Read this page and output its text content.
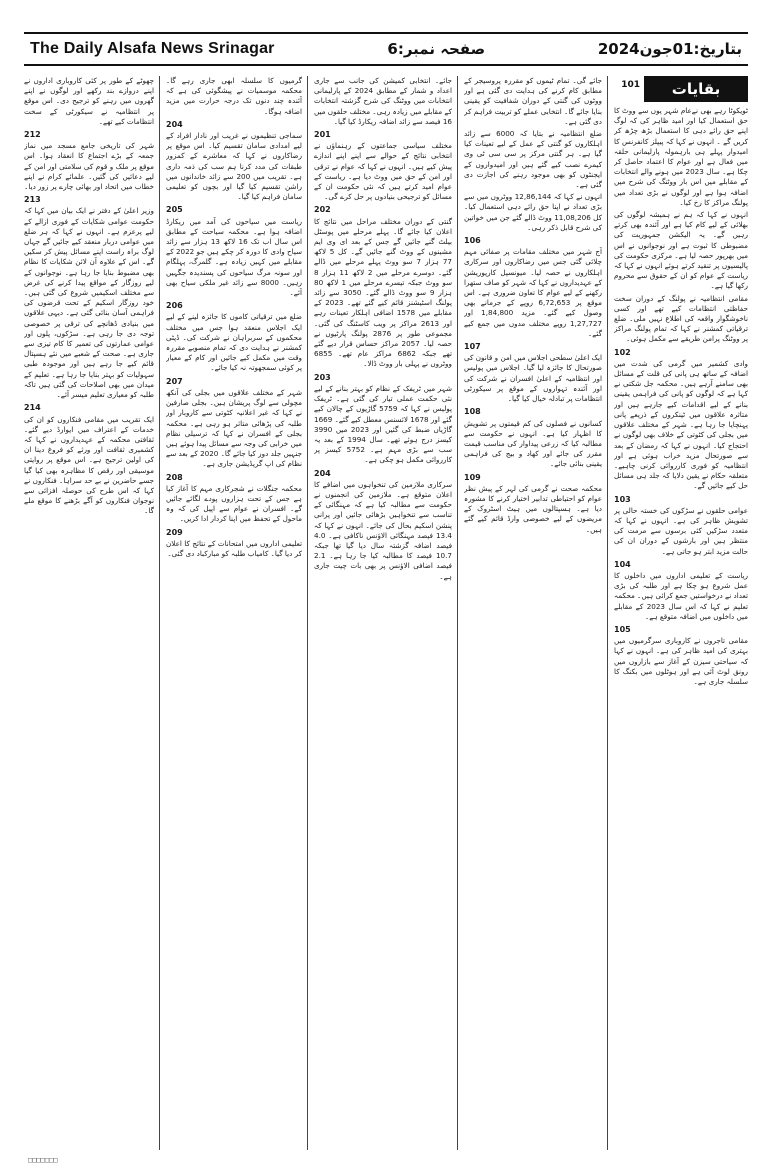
The Daily Alsafa News Srinagar	صفحہ نمبر:6	بتاریخ:01جون2024
بقایات
101

ٹویکوٹا رہے بھی نےعام شہر یوں سے ووٹ کا حق استعمال کیا اور امید ظاہر کی کہ لوگ اپنے حق رائے دہی کا استعمال بڑھ چڑھ کر کریں گے ۔ انہوں نے کہا کہ پیپلز کانفرنس کا امیدوار پہلے ہی بارہمولہ پارلیمانی حلقہ میں فعال ہے اور عوام کا اعتماد حاصل کر چکا ہے۔ سال 2023 میں ہونے والے انتخابات کے مقابلے میں اس بار ووٹنگ کی شرح میں اضافہ ہوا ہے اور لوگوں نے بڑی تعداد میں پولنگ مراکز کا رخ کیا۔

انہوں نے کہا کہ ہم نے ہمیشہ لوگوں کی بھلائی کے لیے کام کیا ہے اور آئندہ بھی کرتے رہیں گے۔ یہ الیکشن جمہوریت کی مضبوطی کا ثبوت ہے اور نوجوانوں نے اس میں بھرپور حصہ لیا ہے۔ مرکزی حکومت کی پالیسیوں پر تنقید کرتے ہوئے انہوں نے کہا کہ ریاست کے عوام کو ان کے حقوق سے محروم رکھا گیا ہے۔

مقامی انتظامیہ نے پولنگ کے دوران سخت حفاظتی انتظامات کیے تھے اور کسی ناخوشگوار واقعہ کی اطلاع نہیں ملی۔ ضلع ترقیاتی کمشنر نے کہا کہ تمام پولنگ مراکز پر ووٹنگ پرامن طریقے سے مکمل ہوئی۔

102

وادی کشمیر میں گرمی کی شدت میں اضافہ کے ساتھ ہی پانی کی قلت کے مسائل بھی سامنے آرہے ہیں۔ محکمہ جل شکتی نے کہا ہے کہ لوگوں کو پانی کی فراہمی یقینی بنانے کے لیے اقدامات کیے جارہے ہیں اور متاثرہ علاقوں میں ٹینکروں کے ذریعے پانی پہنچایا جا رہا ہے۔ شہر کے مختلف علاقوں میں بجلی کی کٹوتی کے خلاف بھی لوگوں نے احتجاج کیا۔ انہوں نے کہا کہ رمضان کے بعد سے صورتحال مزید خراب ہوئی ہے اور انتظامیہ کو فوری کارروائی کرنی چاہیے۔ متعلقہ حکام نے یقین دلایا کہ جلد ہی مسائل حل کیے جائیں گے۔

103

عوامی حلقوں نے سڑکوں کی خستہ حالی پر تشویش ظاہر کی ہے۔ انہوں نے کہا کہ متعدد سڑکیں کئی برسوں سے مرمت کی منتظر ہیں اور بارشوں کے دوران ان کی حالت مزید ابتر ہو جاتی ہے۔

104

ریاست کے تعلیمی اداروں میں داخلوں کا عمل شروع ہو چکا ہے اور طلبہ کی بڑی تعداد نے درخواستیں جمع کرائی ہیں۔ محکمہ تعلیم نے کہا کہ اس سال 2023 کے مقابلے میں داخلوں میں اضافہ متوقع ہے۔

105

مقامی تاجروں نے کاروباری سرگرمیوں میں بہتری کی امید ظاہر کی ہے۔ انہوں نے کہا کہ سیاحتی سیزن کے آغاز سے بازاروں میں رونق لوٹ آئی ہے اور ہوٹلوں میں بکنگ کا سلسلہ جاری ہے۔

جائے گی۔ تمام ٹیموں کو مقررہ پروسیجر کے مطابق کام کرنے کی ہدایت دی گئی ہے اور ووٹوں کی گنتی کے دوران شفافیت کو یقینی بنایا جائے گا۔ انتخابی عملے کو تربیت فراہم کر دی گئی ہے۔

ضلع انتظامیہ نے بتایا کہ 6000 سے زائد اہلکاروں کو گنتی کے عمل کے لیے تعینات کیا گیا ہے۔ ہر گنتی مرکز پر سی سی ٹی وی کیمرے نصب کیے گئے ہیں اور امیدواروں کے ایجنٹوں کو بھی موجود رہنے کی اجازت دی گئی ہے۔

انہوں نے کہا کہ 12,86,144 ووٹروں میں سے بڑی تعداد نے اپنا حق رائے دہی استعمال کیا۔ کل 11,08,206 ووٹ ڈالے گئے جن میں خواتین کی شرح قابل ذکر رہی۔

106

آج شہر میں مختلف مقامات پر صفائی مہم چلائی گئی جس میں رضاکاروں اور سرکاری اہلکاروں نے حصہ لیا۔ میونسپل کارپوریشن کے عہدیداروں نے کہا کہ شہر کو صاف ستھرا رکھنے کے لیے عوام کا تعاون ضروری ہے۔ اس موقع پر 6,72,653 روپے کے جرمانے بھی وصول کیے گئے۔ مزید 1,84,800 اور 1,27,727 روپے مختلف مدوں میں جمع کیے گئے۔

107

ایک اعلیٰ سطحی اجلاس میں امن و قانون کی صورتحال کا جائزہ لیا گیا۔ اجلاس میں پولیس اور انتظامیہ کے اعلیٰ افسران نے شرکت کی اور آئندہ تہواروں کے موقع پر سیکورٹی انتظامات پر تبادلہ خیال کیا گیا۔

108

کسانوں نے فصلوں کی کم قیمتوں پر تشویش کا اظہار کیا ہے۔ انہوں نے حکومت سے مطالبہ کیا کہ زرعی پیداوار کی مناسب قیمت مقرر کی جائے اور کھاد و بیج کی فراہمی یقینی بنائی جائے۔

109

محکمہ صحت نے گرمی کی لہر کے پیش نظر عوام کو احتیاطی تدابیر اختیار کرنے کا مشورہ دیا ہے۔ ہسپتالوں میں ہیٹ اسٹروک کے مریضوں کے لیے خصوصی وارڈ قائم کیے گئے ہیں۔

جائے۔ انتخابی کمیشن کی جانب سے جاری اعداد و شمار کے مطابق 2024 کے پارلیمانی انتخابات میں ووٹنگ کی شرح گزشتہ انتخابات کے مقابلے میں زیادہ رہی۔ مختلف حلقوں میں 16 فیصد سے زائد اضافہ ریکارڈ کیا گیا۔

201

مختلف سیاسی جماعتوں کے رہنماؤں نے انتخابی نتائج کے حوالے سے اپنے اپنے اندازے پیش کیے ہیں۔ انہوں نے کہا کہ عوام نے ترقی اور امن کے حق میں ووٹ دیا ہے۔ ریاست کے عوام امید کرتے ہیں کہ نئی حکومت ان کے مسائل کو ترجیحی بنیادوں پر حل کرے گی۔

202

گنتی کے دوران مختلف مراحل میں نتائج کا اعلان کیا جائے گا۔ پہلے مرحلے میں پوسٹل بیلٹ گنے جائیں گے جس کے بعد ای وی ایم مشینوں کے ووٹ گنے جائیں گے۔ کل 5 لاکھ 77 ہزار 7 سو ووٹ پہلے مرحلے میں ڈالے گئے۔ دوسرے مرحلے میں 2 لاکھ 11 ہزار 8 سو ووٹ جبکہ تیسرے مرحلے میں 1 لاکھ 80 ہزار 9 سو ووٹ ڈالے گئے۔ 3050 سے زائد پولنگ اسٹیشنز قائم کیے گئے تھے۔ 2023 کے مقابلے میں 1578 اضافی اہلکار تعینات رہے اور 2613 مراکز پر ویب کاسٹنگ کی گئی۔ مجموعی طور پر 2876 پولنگ پارٹیوں نے حصہ لیا۔ 2057 مراکز حساس قرار دیے گئے تھے جبکہ 6862 مراکز عام تھے۔ 6855 ووٹروں نے پہلی بار ووٹ ڈالا۔

203

شہر میں ٹریفک کے نظام کو بہتر بنانے کے لیے نئی حکمت عملی تیار کی گئی ہے۔ ٹریفک پولیس نے کہا کہ 5759 گاڑیوں کے چالان کیے گئے اور 1678 لائسنس معطل کیے گئے۔ 1669 گاڑیاں ضبط کی گئیں اور 2023 میں 3990 کیسز درج ہوئے تھے۔ سال 1994 کے بعد یہ سب سے بڑی مہم ہے۔ 5752 کیسز پر کارروائی مکمل ہو چکی ہے۔

204

سرکاری ملازمین کی تنخواہوں میں اضافے کا اعلان متوقع ہے۔ ملازمین کی انجمنوں نے حکومت سے مطالبہ کیا ہے کہ مہنگائی کے تناسب سے تنخواہیں بڑھائی جائیں اور پرانی پنشن اسکیم بحال کی جائے۔ انہوں نے کہا کہ 13.4 فیصد مہنگائی الاؤنس ناکافی ہے۔ 4.0 فیصد اضافہ گزشتہ سال دیا گیا تھا جبکہ 10.7 فیصد کا مطالبہ کیا جا رہا ہے۔ 2.1 فیصد اضافی الاؤنس پر بھی بات چیت جاری ہے۔

گرمیوں کا سلسلہ ابھی جاری رہے گا۔ محکمہ موسمیات نے پیشگوئی کی ہے کہ آئندہ چند دنوں تک درجہ حرارت میں مزید اضافہ ہوگا۔

204

سماجی تنظیموں نے غریب اور نادار افراد کے لیے امدادی سامان تقسیم کیا۔ اس موقع پر رضاکاروں نے کہا کہ معاشرے کے کمزور طبقات کی مدد کرنا ہم سب کی ذمہ داری ہے۔ تقریب میں 200 سے زائد خاندانوں میں راشن تقسیم کیا گیا اور بچوں کو تعلیمی سامان فراہم کیا گیا۔

205

ریاست میں سیاحوں کی آمد میں ریکارڈ اضافہ ہوا ہے۔ محکمہ سیاحت کے مطابق اس سال اب تک 16 لاکھ 13 ہزار سے زائد سیاح وادی کا دورہ کر چکے ہیں جو 2022 کے مقابلے میں کہیں زیادہ ہے۔ گلمرگ، پہلگام اور سونہ مرگ سیاحوں کی پسندیدہ جگہیں رہیں۔ 8000 سے زائد غیر ملکی سیاح بھی آئے۔

206

ضلع میں ترقیاتی کاموں کا جائزہ لینے کے لیے ایک اجلاس منعقد ہوا جس میں مختلف محکموں کے سربراہان نے شرکت کی۔ ڈپٹی کمشنر نے ہدایت دی کہ تمام منصوبے مقررہ وقت میں مکمل کیے جائیں اور کام کے معیار پر کوئی سمجھوتہ نہ کیا جائے۔

207

شہر کے مختلف علاقوں میں بجلی کی آنکھ مچولی سے لوگ پریشان ہیں۔ بجلی صارفین نے کہا کہ غیر اعلانیہ کٹوتی سے کاروبار اور طلبہ کی پڑھائی متاثر ہو رہی ہے۔ محکمہ بجلی کے افسران نے کہا کہ ترسیلی نظام میں خرابی کی وجہ سے مسائل پیدا ہوئے ہیں جنہیں جلد دور کیا جائے گا۔ 2020 کے بعد سے نظام کی اپ گریڈیشن جاری ہے۔

208

محکمہ جنگلات نے شجرکاری مہم کا آغاز کیا ہے جس کے تحت ہزاروں پودے لگائے جائیں گے۔ افسران نے عوام سے اپیل کی کہ وہ ماحول کے تحفظ میں اپنا کردار ادا کریں۔

209

تعلیمی اداروں میں امتحانات کے نتائج کا اعلان کر دیا گیا۔ کامیاب طلبہ کو مبارکباد دی گئی۔

چھوٹے کے طور پر کئی کاروباری اداروں نے اپنے دروازے بند رکھے اور لوگوں نے اپنے گھروں میں رہنے کو ترجیح دی۔ اس موقع پر انتظامیہ نے سیکورٹی کے سخت انتظامات کیے تھے۔

212

شہر کی تاریخی جامع مسجد میں نماز جمعہ کے بڑے اجتماع کا انعقاد ہوا۔ اس موقع پر ملک و قوم کی سلامتی اور امن کے لیے دعائیں کی گئیں۔ علمائے کرام نے اپنے خطاب میں اتحاد اور بھائی چارے پر زور دیا۔

213

وزیر اعلیٰ کے دفتر نے ایک بیان میں کہا کہ حکومت عوامی شکایات کے فوری ازالے کے لیے پرعزم ہے۔ انہوں نے کہا کہ ہر ضلع میں عوامی دربار منعقد کیے جائیں گے جہاں لوگ براہ راست اپنے مسائل پیش کر سکیں گے۔ اس کے علاوہ آن لائن شکایات کا نظام بھی مضبوط بنایا جا رہا ہے۔ نوجوانوں کے لیے روزگار کے مواقع پیدا کرنے کی غرض سے مختلف اسکیمیں شروع کی گئی ہیں۔ خود روزگار اسکیم کے تحت قرضوں کی فراہمی آسان بنائی گئی ہے۔ دیہی علاقوں میں بنیادی ڈھانچے کی ترقی پر خصوصی توجہ دی جا رہی ہے۔ سڑکوں، پلوں اور عوامی عمارتوں کی تعمیر کا کام تیزی سے جاری ہے۔ صحت کے شعبے میں نئے ہسپتال قائم کیے جا رہے ہیں اور موجودہ طبی سہولیات کو بہتر بنایا جا رہا ہے۔ تعلیم کے میدان میں بھی اصلاحات کی گئی ہیں تاکہ طلبہ کو معیاری تعلیم میسر آئے۔

214

ایک تقریب میں مقامی فنکاروں کو ان کی خدمات کے اعتراف میں ایوارڈ دیے گئے۔ ثقافتی محکمہ کے عہدیداروں نے کہا کہ کشمیری ثقافت اور ورثے کو فروغ دینا ان کی اولین ترجیح ہے۔ اس موقع پر روایتی موسیقی اور رقص کا مظاہرہ بھی کیا گیا جسے حاضرین نے بے حد سراہا۔ فنکاروں نے کہا کہ اس طرح کی حوصلہ افزائی سے نوجوان فنکاروں کو آگے بڑھنے کا موقع ملے گا۔

□□□□□□□
